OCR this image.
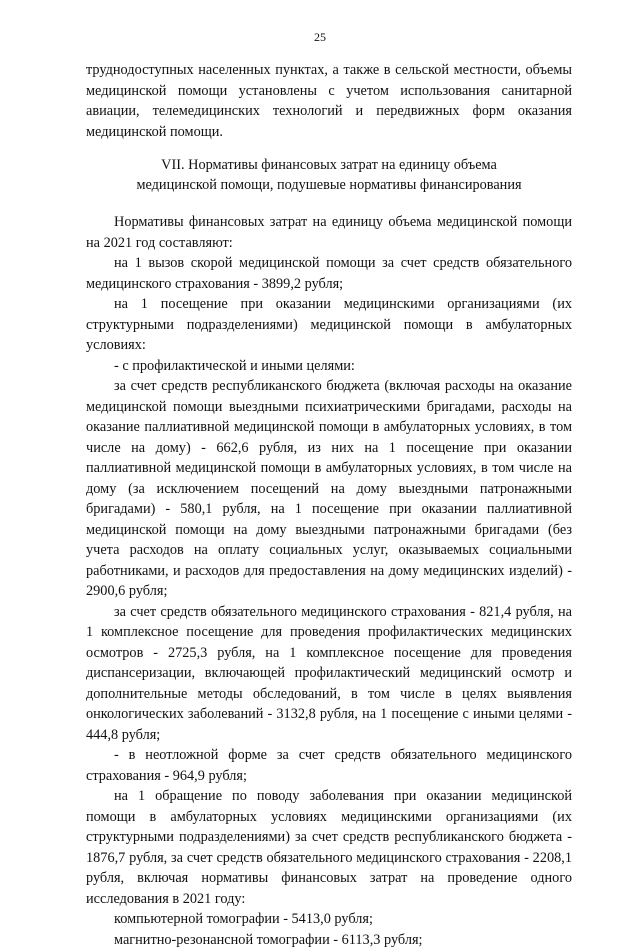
25

труднодоступных населенных пунктах, а также в сельской местности, объемы медицинской помощи установлены с учетом использования санитарной авиации, телемедицинских технологий и передвижных форм оказания медицинской помощи.

VII. Нормативы финансовых затрат на единицу объема
медицинской помощи, подушевые нормативы финансирования

Нормативы финансовых затрат на единицу объема медицинской помощи на 2021 год составляют:

на 1 вызов скорой медицинской помощи за счет средств обязательного медицинского страхования - 3899,2 рубля;

на 1 посещение при оказании медицинскими организациями (их структурными подразделениями) медицинской помощи в амбулаторных условиях:

- с профилактической и иными целями:

за счет средств республиканского бюджета (включая расходы на оказание медицинской помощи выездными психиатрическими бригадами, расходы на оказание паллиативной медицинской помощи в амбулаторных условиях, в том числе на дому) - 662,6 рубля, из них на 1 посещение при оказании паллиативной медицинской помощи в амбулаторных условиях, в том числе на дому (за исключением посещений на дому выездными патронажными бригадами) - 580,1 рубля, на 1 посещение при оказании паллиативной медицинской помощи на дому выездными патронажными бригадами (без учета расходов на оплату социальных услуг, оказываемых социальными работниками, и расходов для предоставления на дому медицинских изделий) - 2900,6 рубля;

за счет средств обязательного медицинского страхования - 821,4 рубля, на 1 комплексное посещение для проведения профилактических медицинских осмотров - 2725,3 рубля, на 1 комплексное посещение для проведения диспансеризации, включающей профилактический медицинский осмотр и дополнительные методы обследований, в том числе в целях выявления онкологических заболеваний - 3132,8 рубля, на 1 посещение с иными целями - 444,8 рубля;

- в неотложной форме за счет средств обязательного медицинского страхования - 964,9 рубля;

на 1 обращение по поводу заболевания при оказании медицинской помощи в амбулаторных условиях медицинскими организациями (их структурными подразделениями) за счет средств республиканского бюджета - 1876,7 рубля, за счет средств обязательного медицинского страхования - 2208,1 рубля, включая нормативы финансовых затрат на проведение одного исследования в 2021 году:

компьютерной томографии - 5413,0 рубля;

магнитно-резонансной томографии - 6113,3 рубля;
